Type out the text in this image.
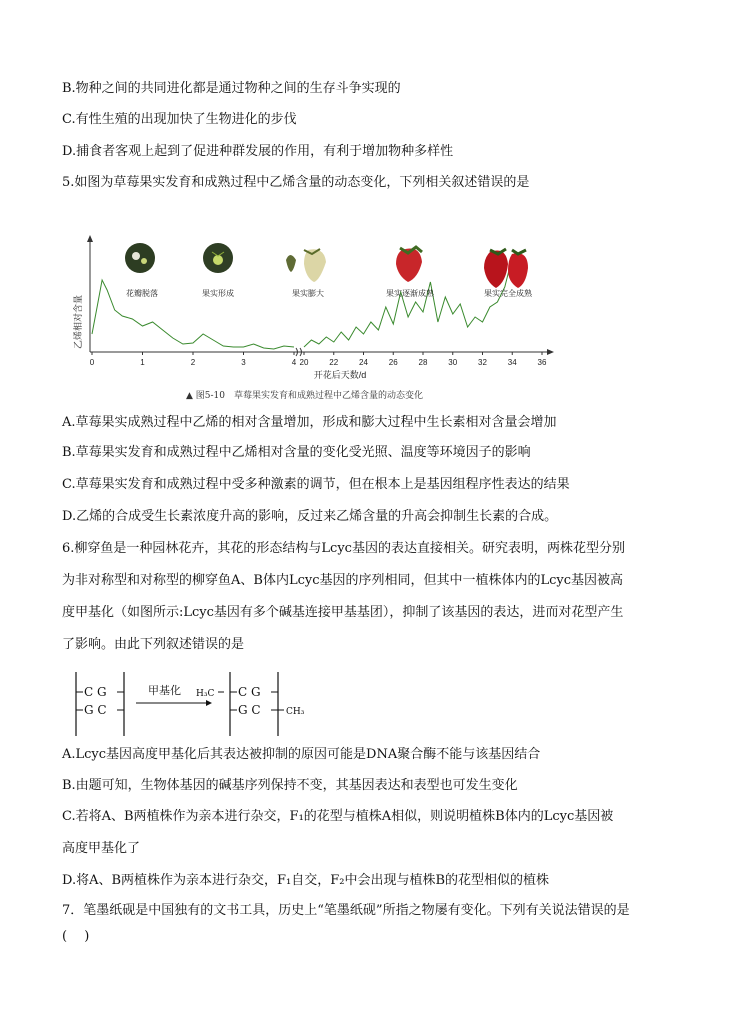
B.物种之间的共同进化都是通过物种之间的生存斗争实现的
C.有性生殖的出现加快了生物进化的步伐
D.捕食者客观上起到了促进种群发展的作用，有利于增加物种多样性
5.如图为草莓果实发育和成熟过程中乙烯含量的动态变化，下列相关叙述错误的是
乙烯相对含量
0	1	2	3	4 20	22	24	26	28	30	32	34	36
花瓣脱落	果实形成	果实膨大	果实逐渐成熟	果实完全成熟
开花后天数/d
▲ 图5-10　草莓果实发育和成熟过程中乙烯含量的动态变化
A.草莓果实成熟过程中乙烯的相对含量增加，形成和膨大过程中生长素相对含量会增加
B.草莓果实发育和成熟过程中乙烯相对含量的变化受光照、温度等环境因子的影响
C.草莓果实发育和成熟过程中受多种激素的调节，但在根本上是基因组程序性表达的结果
D.乙烯的合成受生长素浓度升高的影响，反过来乙烯含量的升高会抑制生长素的合成。
6.柳穿鱼是一种园林花卉，其花的形态结构与Lcyc基因的表达直接相关。研究表明，两株花型分别
为非对称型和对称型的柳穿鱼A、B体内Lcyc基因的序列相同，但其中一植株体内的Lcyc基因被高
度甲基化（如图所示:Lcyc基因有多个碱基连接甲基基团），抑制了该基因的表达，进而对花型产生
了影响。由此下列叙述错误的是
C G
G C
甲基化 H₃C C G
G C	CH₃
A.Lcyc基因高度甲基化后其表达被抑制的原因可能是DNA聚合酶不能与该基因结合
B.由题可知，生物体基因的碱基序列保持不变，其基因表达和表型也可发生变化
C.若将A、B两植株作为亲本进行杂交，F₁的花型与植株A相似，则说明植株B体内的Lcyc基因被
高度甲基化了
D.将A、B两植株作为亲本进行杂交，F₁自交，F₂中会出现与植株B的花型相似的植株
7．笔墨纸砚是中国独有的文书工具，历史上“笔墨纸砚”所指之物屡有变化。下列有关说法错误的是
(　 )
